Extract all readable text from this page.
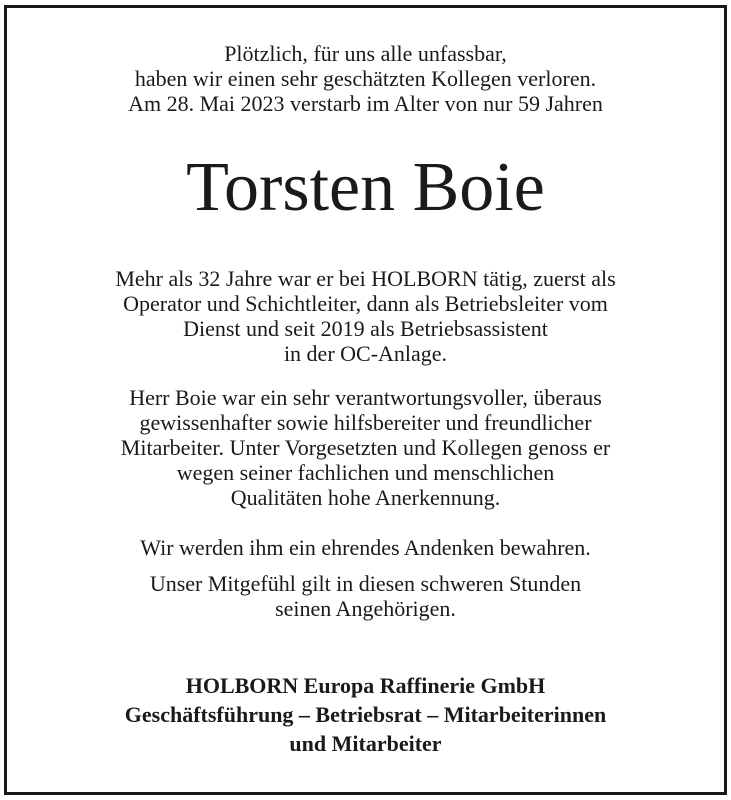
Plötzlich, für uns alle unfassbar,
haben wir einen sehr geschätzten Kollegen verloren.
Am 28. Mai 2023 verstarb im Alter von nur 59 Jahren
Torsten Boie
Mehr als 32 Jahre war er bei HOLBORN tätig, zuerst als
Operator und Schichtleiter, dann als Betriebsleiter vom
Dienst und seit 2019 als Betriebsassistent
in der OC-Anlage.
Herr Boie war ein sehr verantwortungsvoller, überaus
gewissenhafter sowie hilfsbereiter und freundlicher
Mitarbeiter. Unter Vorgesetzten und Kollegen genoss er
wegen seiner fachlichen und menschlichen
Qualitäten hohe Anerkennung.
Wir werden ihm ein ehrendes Andenken bewahren.
Unser Mitgefühl gilt in diesen schweren Stunden
seinen Angehörigen.
HOLBORN Europa Raffinerie GmbH
Geschäftsführung – Betriebsrat – Mitarbeiterinnen
und Mitarbeiter
